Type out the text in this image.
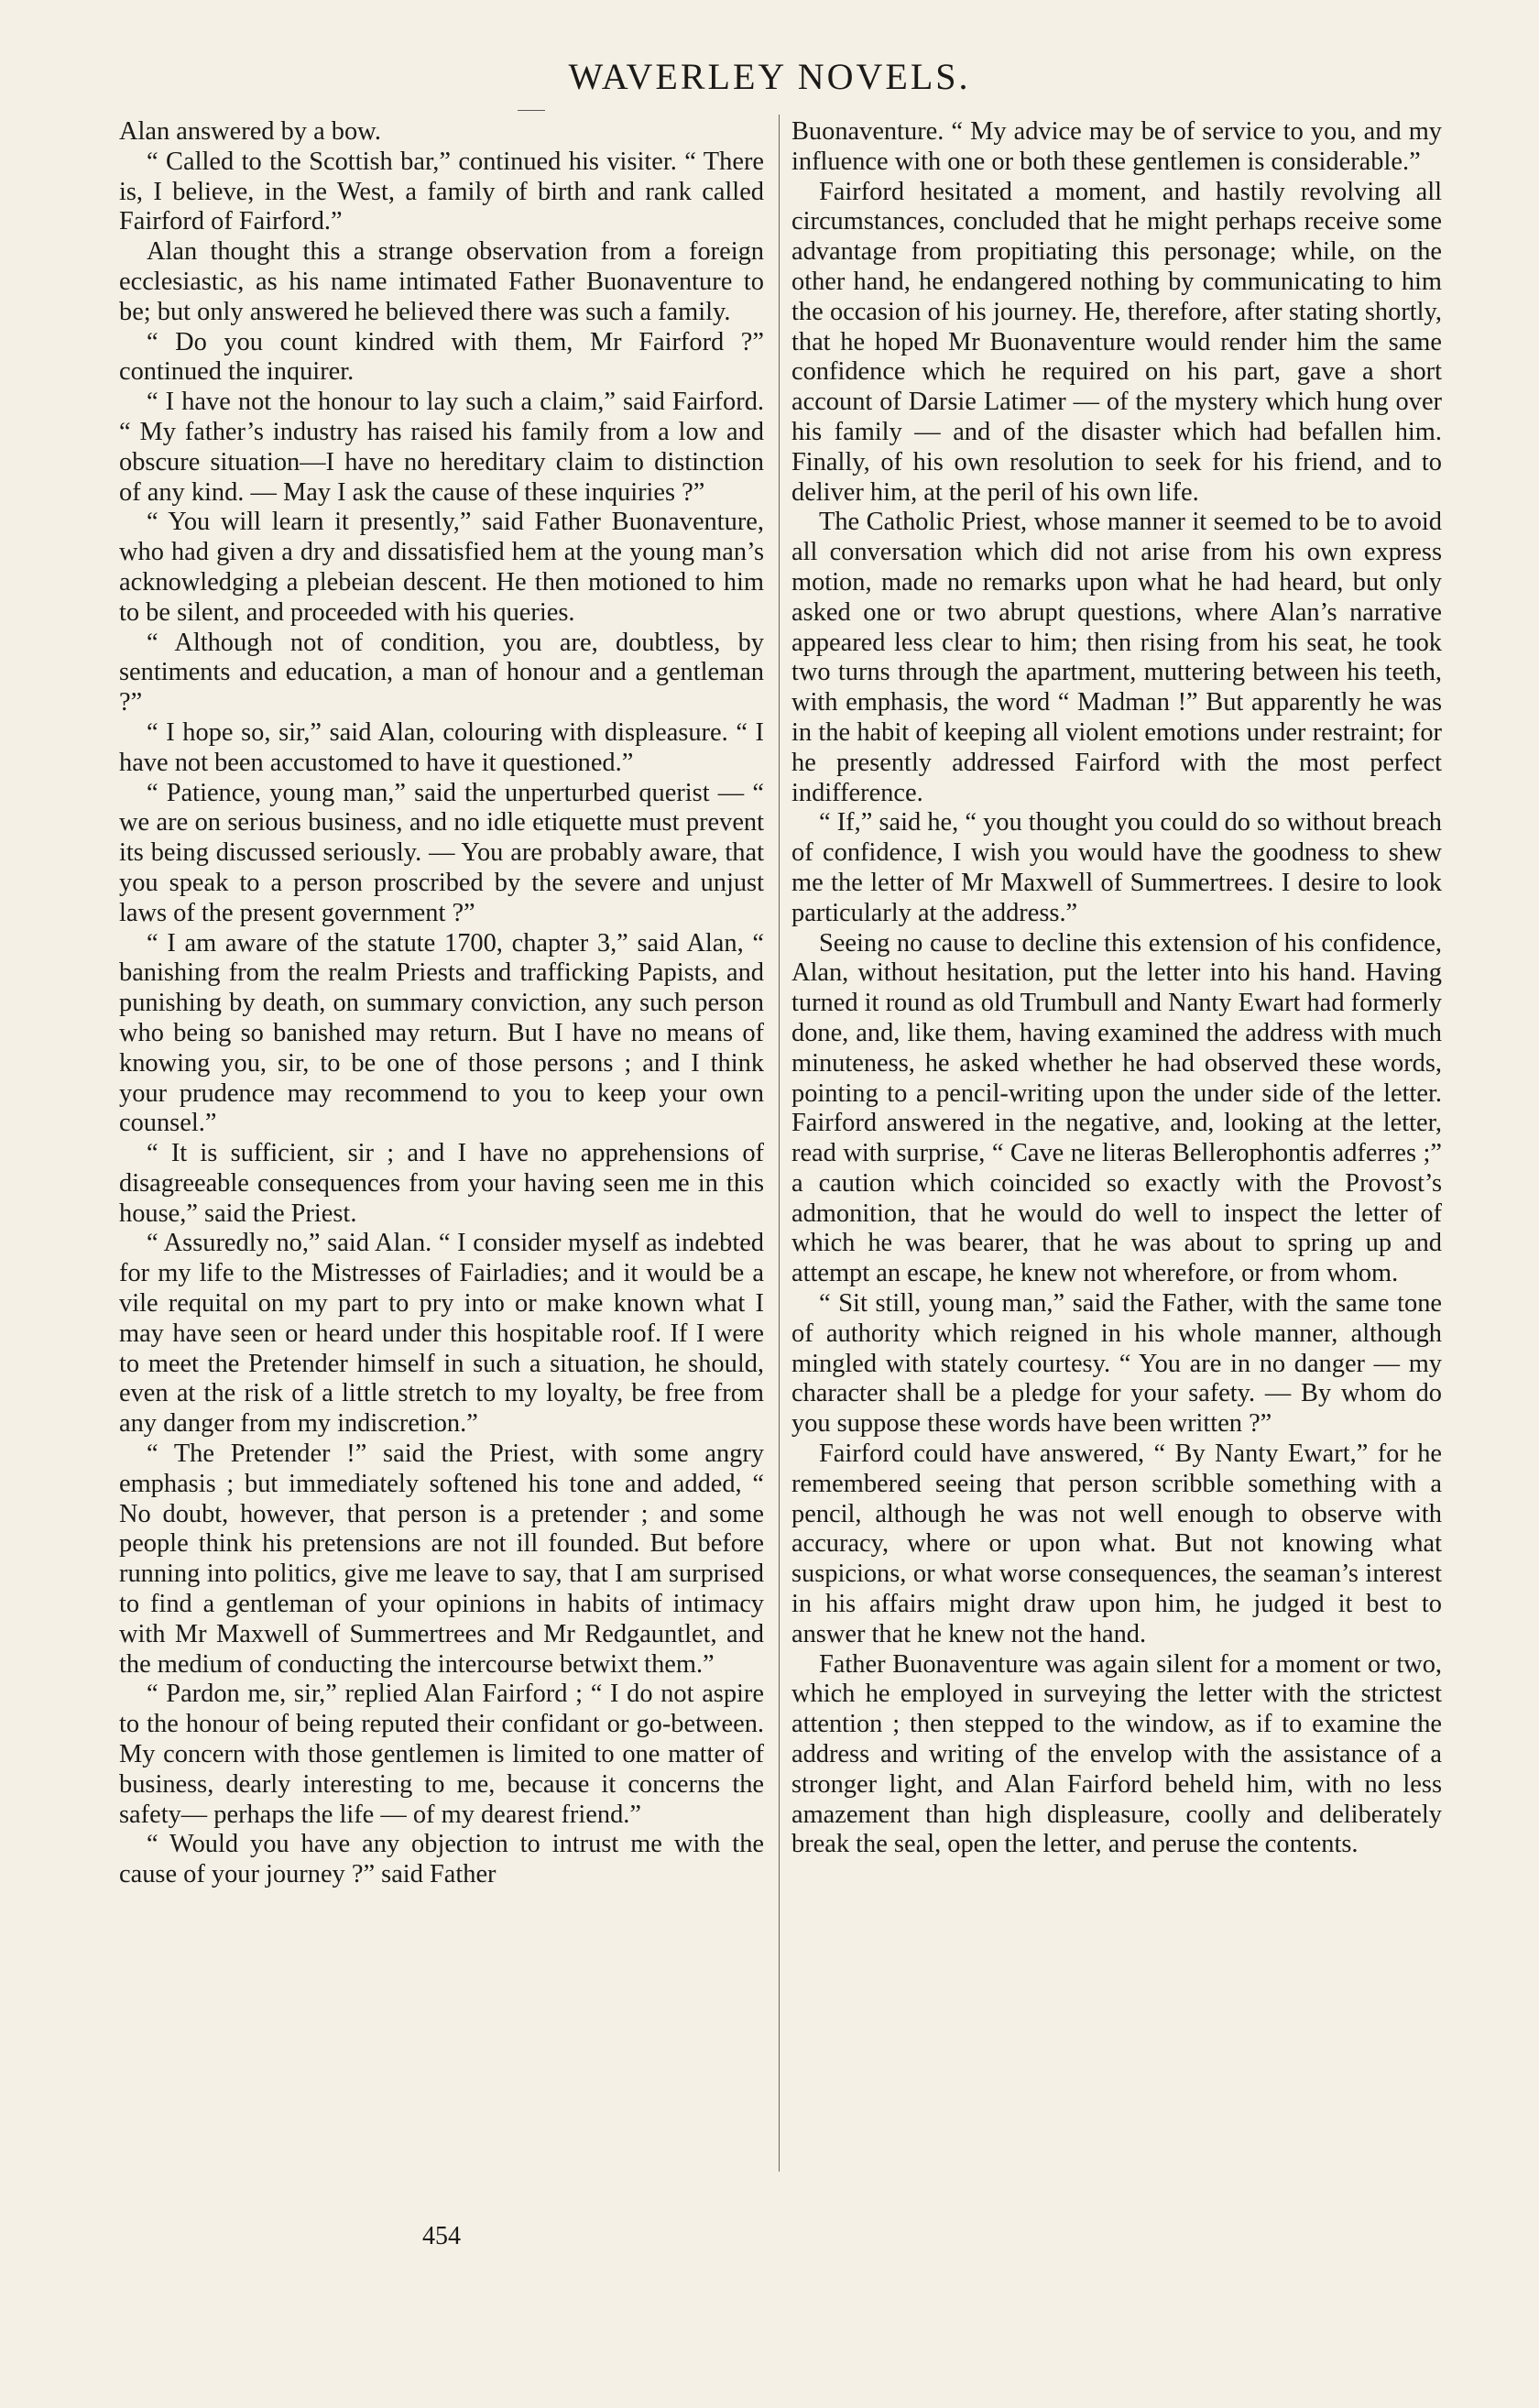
WAVERLEY NOVELS.

Alan answered by a bow.

“ Called to the Scottish bar,” continued his visiter. “ There is, I believe, in the West, a family of birth and rank called Fairford of Fairford.”

Alan thought this a strange observation from a foreign ecclesiastic, as his name intimated Father Buonaventure to be; but only answered he believed there was such a family.

“ Do you count kindred with them, Mr Fairford ?” continued the inquirer.

“ I have not the honour to lay such a claim,” said Fairford. “ My father’s industry has raised his family from a low and obscure situation—I have no hereditary claim to distinction of any kind. — May I ask the cause of these inquiries ?”

“ You will learn it presently,” said Father Buonaventure, who had given a dry and dissatisfied hem at the young man’s acknowledging a plebeian descent. He then motioned to him to be silent, and proceeded with his queries.

“ Although not of condition, you are, doubtless, by sentiments and education, a man of honour and a gentleman ?”

“ I hope so, sir,” said Alan, colouring with displeasure. “ I have not been accustomed to have it questioned.”

“ Patience, young man,” said the unperturbed querist — “ we are on serious business, and no idle etiquette must prevent its being discussed seriously. — You are probably aware, that you speak to a person proscribed by the severe and unjust laws of the present government ?”

“ I am aware of the statute 1700, chapter 3,” said Alan, “ banishing from the realm Priests and trafficking Papists, and punishing by death, on summary conviction, any such person who being so banished may return. But I have no means of knowing you, sir, to be one of those persons ; and I think your prudence may recommend to you to keep your own counsel.”

“ It is sufficient, sir ; and I have no apprehensions of disagreeable consequences from your having seen me in this house,” said the Priest.

“ Assuredly no,” said Alan. “ I consider myself as indebted for my life to the Mistresses of Fairladies; and it would be a vile requital on my part to pry into or make known what I may have seen or heard under this hospitable roof. If I were to meet the Pretender himself in such a situation, he should, even at the risk of a little stretch to my loyalty, be free from any danger from my indiscretion.”

“ The Pretender !” said the Priest, with some angry emphasis ; but immediately softened his tone and added, “ No doubt, however, that person is a pretender ; and some people think his pretensions are not ill founded. But before running into politics, give me leave to say, that I am surprised to find a gentleman of your opinions in habits of intimacy with Mr Maxwell of Summertrees and Mr Redgauntlet, and the medium of conducting the intercourse betwixt them.”

“ Pardon me, sir,” replied Alan Fairford ; “ I do not aspire to the honour of being reputed their confidant or go-between. My concern with those gentlemen is limited to one matter of business, dearly interesting to me, because it concerns the safety— perhaps the life — of my dearest friend.”

“ Would you have any objection to intrust me with the cause of your journey ?” said Father

Buonaventure. “ My advice may be of service to you, and my influence with one or both these gentlemen is considerable.”

Fairford hesitated a moment, and hastily revolving all circumstances, concluded that he might perhaps receive some advantage from propitiating this personage; while, on the other hand, he endangered nothing by communicating to him the occasion of his journey. He, therefore, after stating shortly, that he hoped Mr Buonaventure would render him the same confidence which he required on his part, gave a short account of Darsie Latimer — of the mystery which hung over his family — and of the disaster which had befallen him. Finally, of his own resolution to seek for his friend, and to deliver him, at the peril of his own life.

The Catholic Priest, whose manner it seemed to be to avoid all conversation which did not arise from his own express motion, made no remarks upon what he had heard, but only asked one or two abrupt questions, where Alan’s narrative appeared less clear to him; then rising from his seat, he took two turns through the apartment, muttering between his teeth, with emphasis, the word “ Madman !” But apparently he was in the habit of keeping all violent emotions under restraint; for he presently addressed Fairford with the most perfect indifference.

“ If,” said he, “ you thought you could do so without breach of confidence, I wish you would have the goodness to shew me the letter of Mr Maxwell of Summertrees. I desire to look particularly at the address.”

Seeing no cause to decline this extension of his confidence, Alan, without hesitation, put the letter into his hand. Having turned it round as old Trumbull and Nanty Ewart had formerly done, and, like them, having examined the address with much minuteness, he asked whether he had observed these words, pointing to a pencil-writing upon the under side of the letter. Fairford answered in the negative, and, looking at the letter, read with surprise, “ Cave ne literas Bellerophontis adferres ;” a caution which coincided so exactly with the Provost’s admonition, that he would do well to inspect the letter of which he was bearer, that he was about to spring up and attempt an escape, he knew not wherefore, or from whom.

“ Sit still, young man,” said the Father, with the same tone of authority which reigned in his whole manner, although mingled with stately courtesy. “ You are in no danger — my character shall be a pledge for your safety. — By whom do you suppose these words have been written ?”

Fairford could have answered, “ By Nanty Ewart,” for he remembered seeing that person scribble something with a pencil, although he was not well enough to observe with accuracy, where or upon what. But not knowing what suspicions, or what worse consequences, the seaman’s interest in his affairs might draw upon him, he judged it best to answer that he knew not the hand.

Father Buonaventure was again silent for a moment or two, which he employed in surveying the letter with the strictest attention ; then stepped to the window, as if to examine the address and writing of the envelop with the assistance of a stronger light, and Alan Fairford beheld him, with no less amazement than high displeasure, coolly and deliberately break the seal, open the letter, and peruse the contents.

454
